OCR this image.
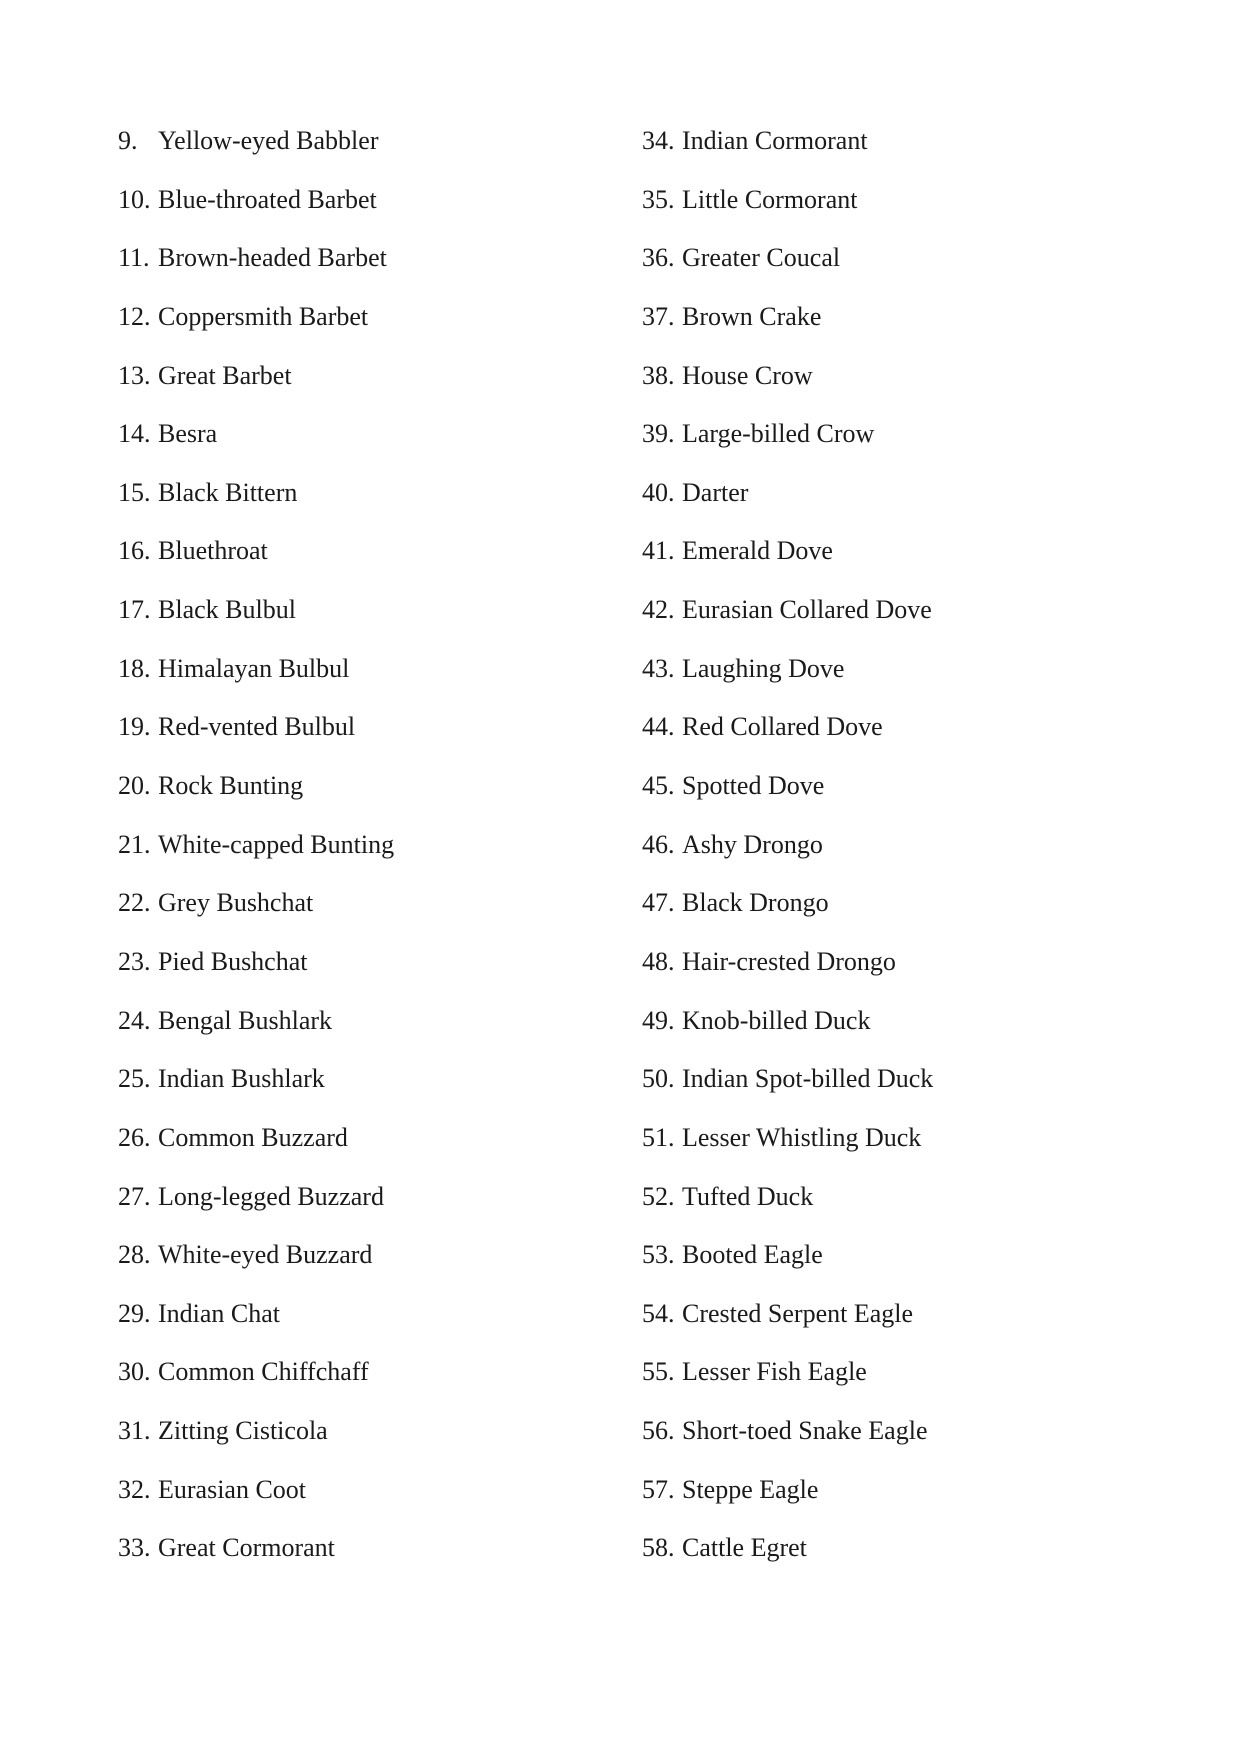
9. Yellow-eyed Babbler
10. Blue-throated Barbet
11. Brown-headed Barbet
12. Coppersmith Barbet
13. Great Barbet
14. Besra
15. Black Bittern
16. Bluethroat
17. Black Bulbul
18. Himalayan Bulbul
19. Red-vented Bulbul
20. Rock Bunting
21. White-capped Bunting
22. Grey Bushchat
23. Pied Bushchat
24. Bengal Bushlark
25. Indian Bushlark
26. Common Buzzard
27. Long-legged Buzzard
28. White-eyed Buzzard
29. Indian Chat
30. Common Chiffchaff
31. Zitting Cisticola
32. Eurasian Coot
33. Great Cormorant
34. Indian Cormorant
35. Little Cormorant
36. Greater Coucal
37. Brown Crake
38. House Crow
39. Large-billed Crow
40. Darter
41. Emerald Dove
42. Eurasian Collared Dove
43. Laughing Dove
44. Red Collared Dove
45. Spotted Dove
46. Ashy Drongo
47. Black Drongo
48. Hair-crested Drongo
49. Knob-billed Duck
50. Indian Spot-billed Duck
51. Lesser Whistling Duck
52. Tufted Duck
53. Booted Eagle
54. Crested Serpent Eagle
55. Lesser Fish Eagle
56. Short-toed Snake Eagle
57. Steppe Eagle
58. Cattle Egret
